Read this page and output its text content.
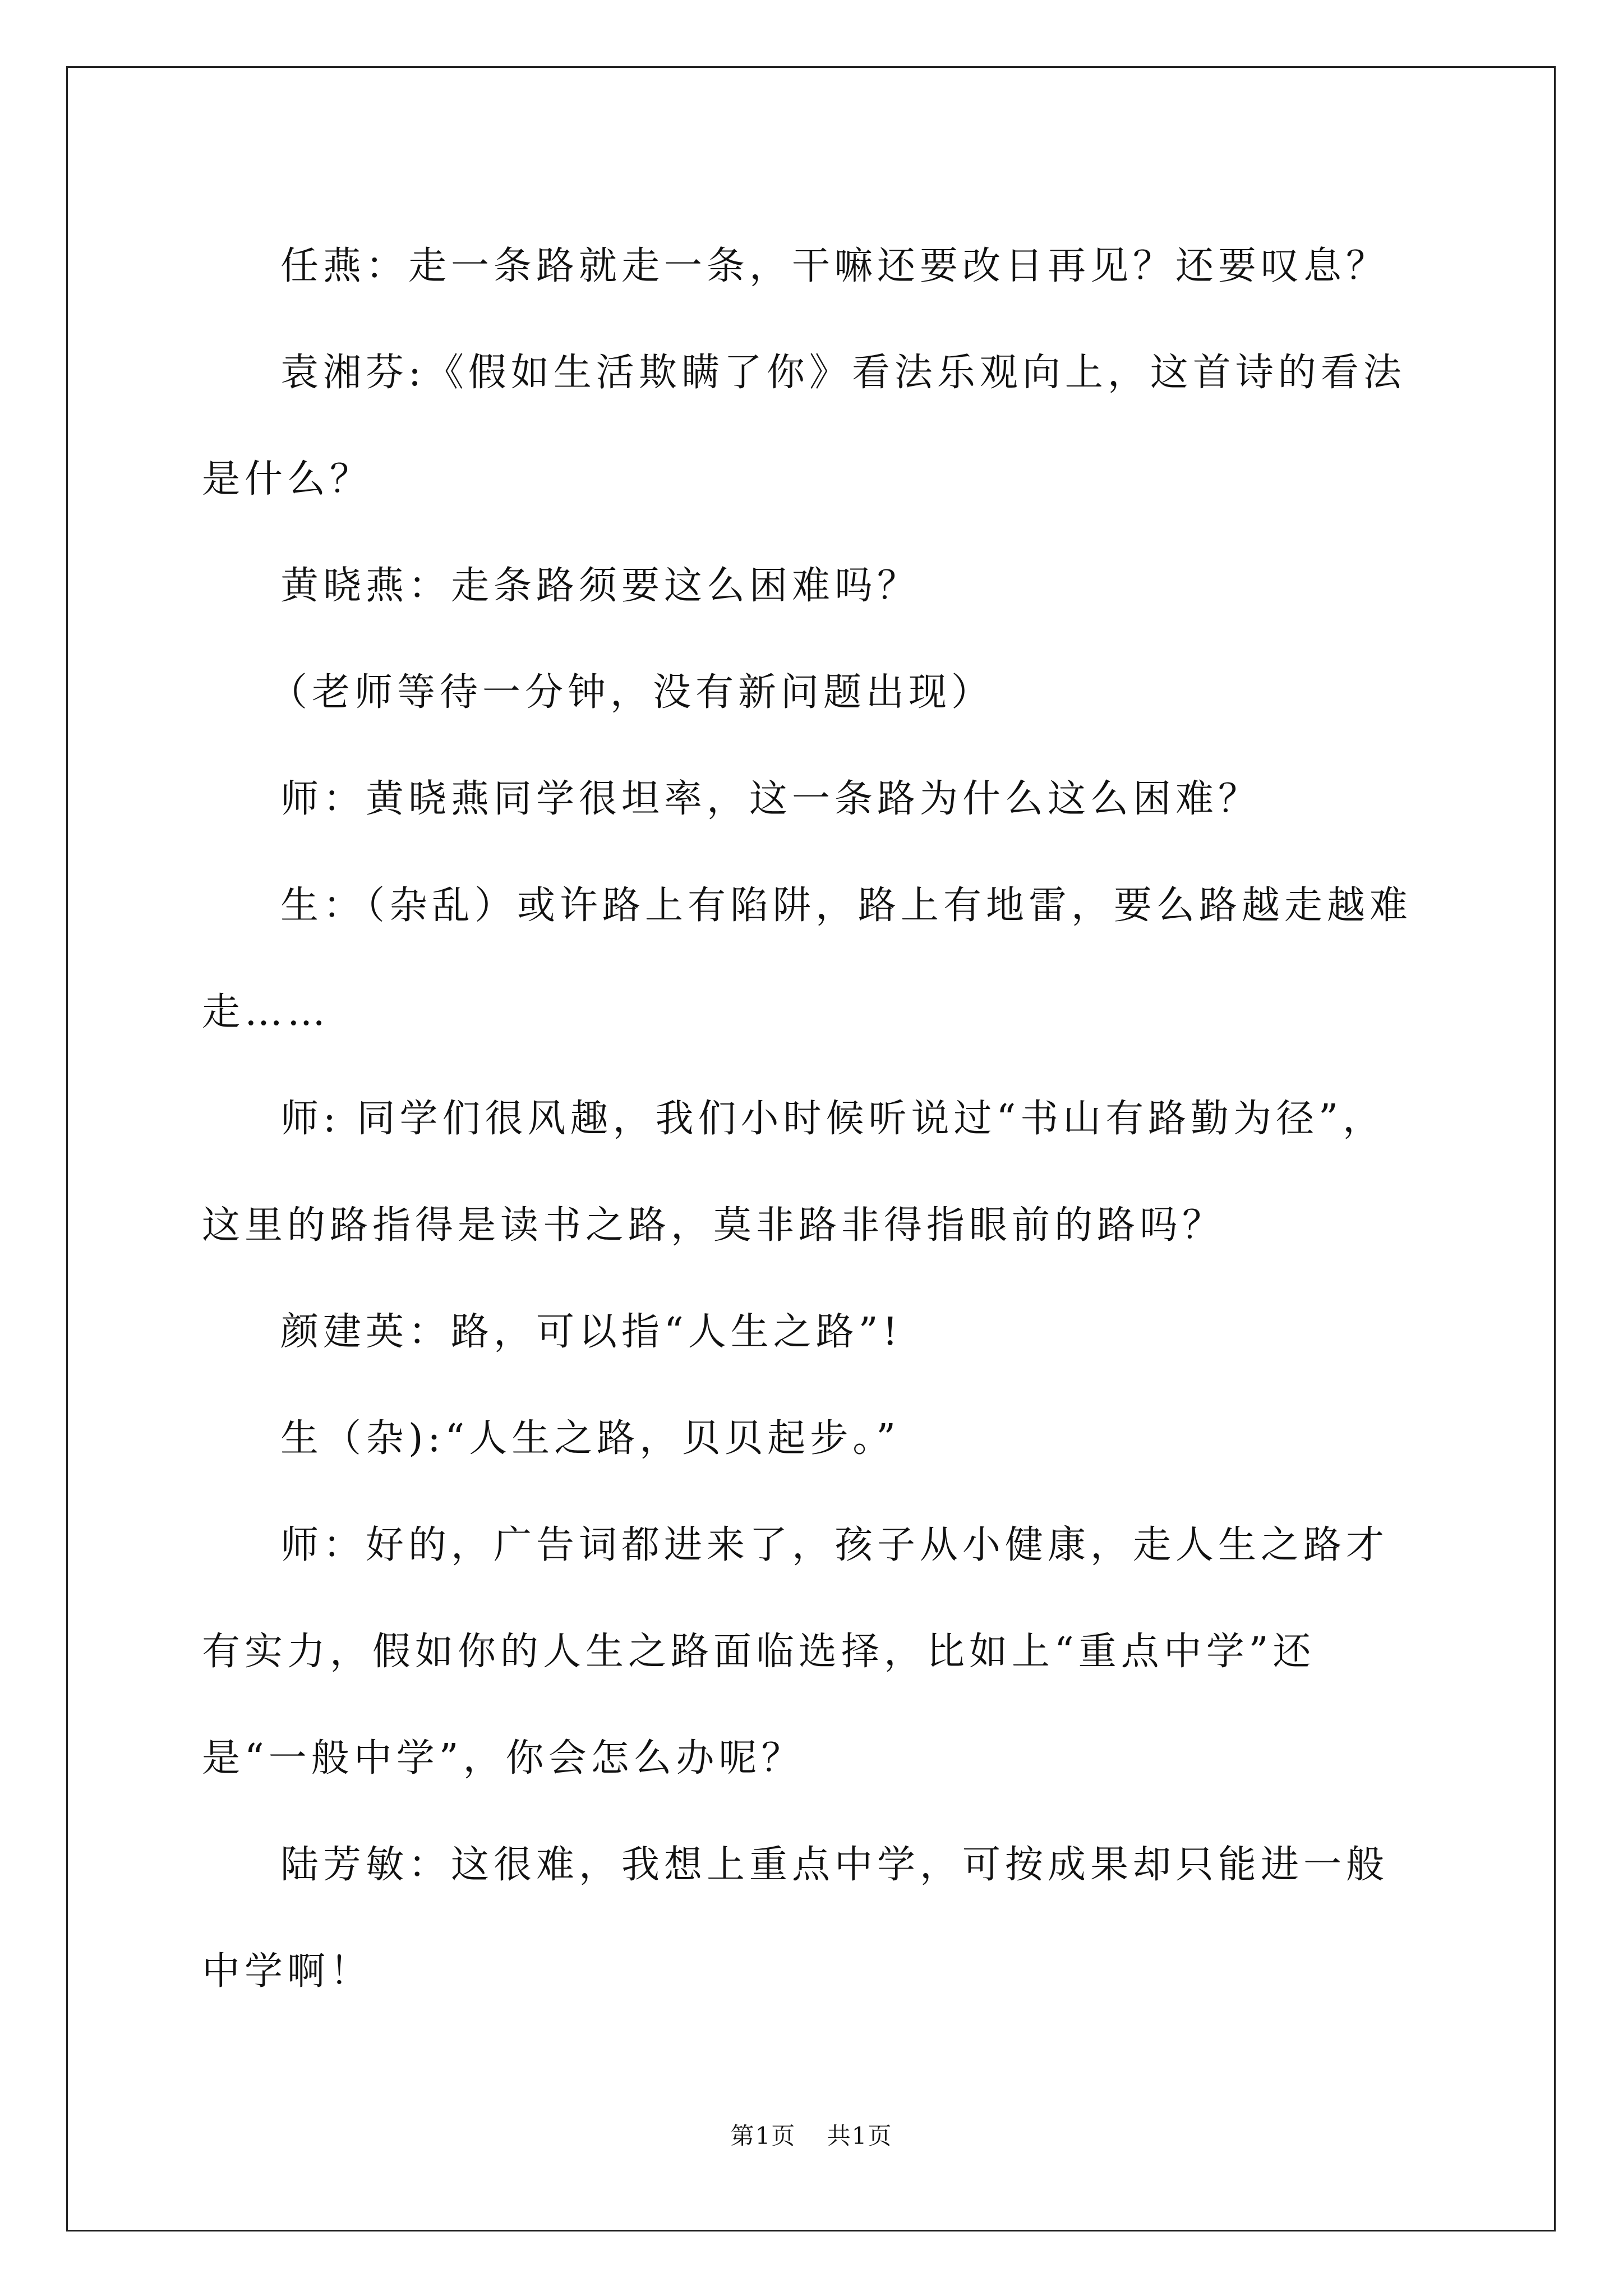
任燕：走一条路就走一条，干嘛还要改日再见？还要叹息？

袁湘芬:《假如生活欺瞒了你》看法乐观向上，这首诗的看法是什么？

黄晓燕：走条路须要这么困难吗？

（老师等待一分钟，没有新问题出现）

师：黄晓燕同学很坦率，这一条路为什么这么困难？

生：（杂乱）或许路上有陷阱，路上有地雷，要么路越走越难走……

师: 同学们很风趣，我们小时候听说过“书山有路勤为径”，这里的路指得是读书之路，莫非路非得指眼前的路吗？

颜建英：路，可以指“人生之路”!

生（杂):“人生之路，贝贝起步。”

师：好的，广告词都进来了，孩子从小健康，走人生之路才有实力，假如你的人生之路面临选择，比如上“重点中学”还是“一般中学”，你会怎么办呢？

陆芳敏：这很难，我想上重点中学，可按成果却只能进一般中学啊！

第1页 共1页
